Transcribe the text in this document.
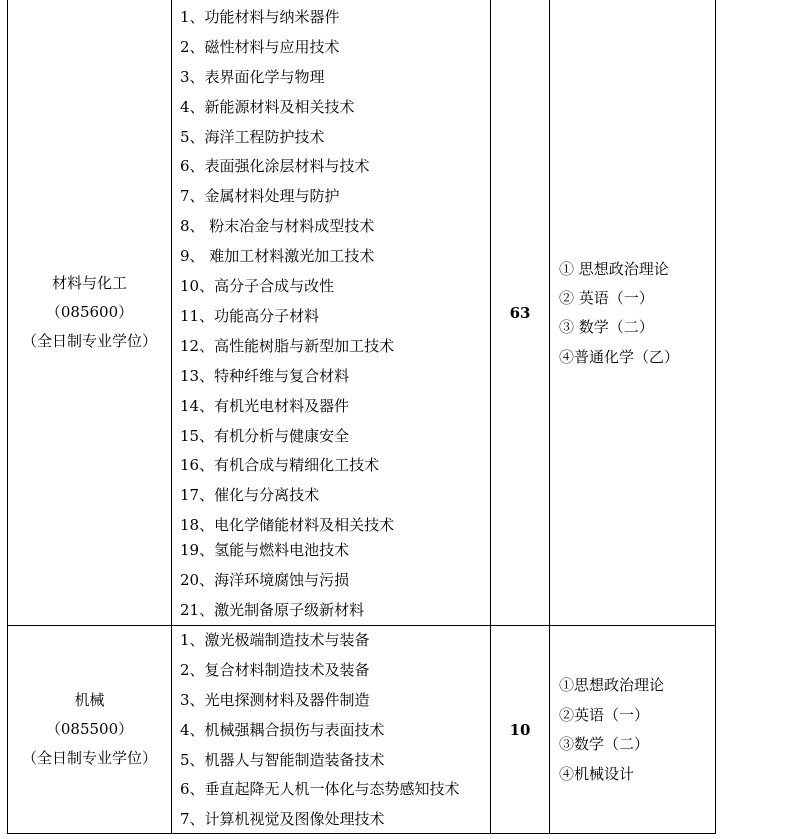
材料与化工
（085600）
（全日制专业学位）
1、功能材料与纳米器件
2、磁性材料与应用技术
3、表界面化学与物理
4、新能源材料及相关技术
5、海洋工程防护技术
6、表面强化涂层材料与技术
7、金属材料处理与防护
8、 粉末冶金与材料成型技术
9、 难加工材料激光加工技术
10、高分子合成与改性
11、功能高分子材料
12、高性能树脂与新型加工技术
13、特种纤维与复合材料
14、有机光电材料及器件
15、有机分析与健康安全
16、有机合成与精细化工技术
17、催化与分离技术
18、电化学储能材料及相关技术
19、氢能与燃料电池技术
20、海洋环境腐蚀与污损
21、激光制备原子级新材料
63
① 思想政治理论
② 英语（一）
③ 数学（二）
④普通化学（乙）
机械
（085500）
（全日制专业学位）
1、激光极端制造技术与装备
2、复合材料制造技术及装备
3、光电探测材料及器件制造
4、机械强耦合损伤与表面技术
5、机器人与智能制造装备技术
6、垂直起降无人机一体化与态势感知技术
7、计算机视觉及图像处理技术
10
①思想政治理论
②英语（一）
③数学（二）
④机械设计
